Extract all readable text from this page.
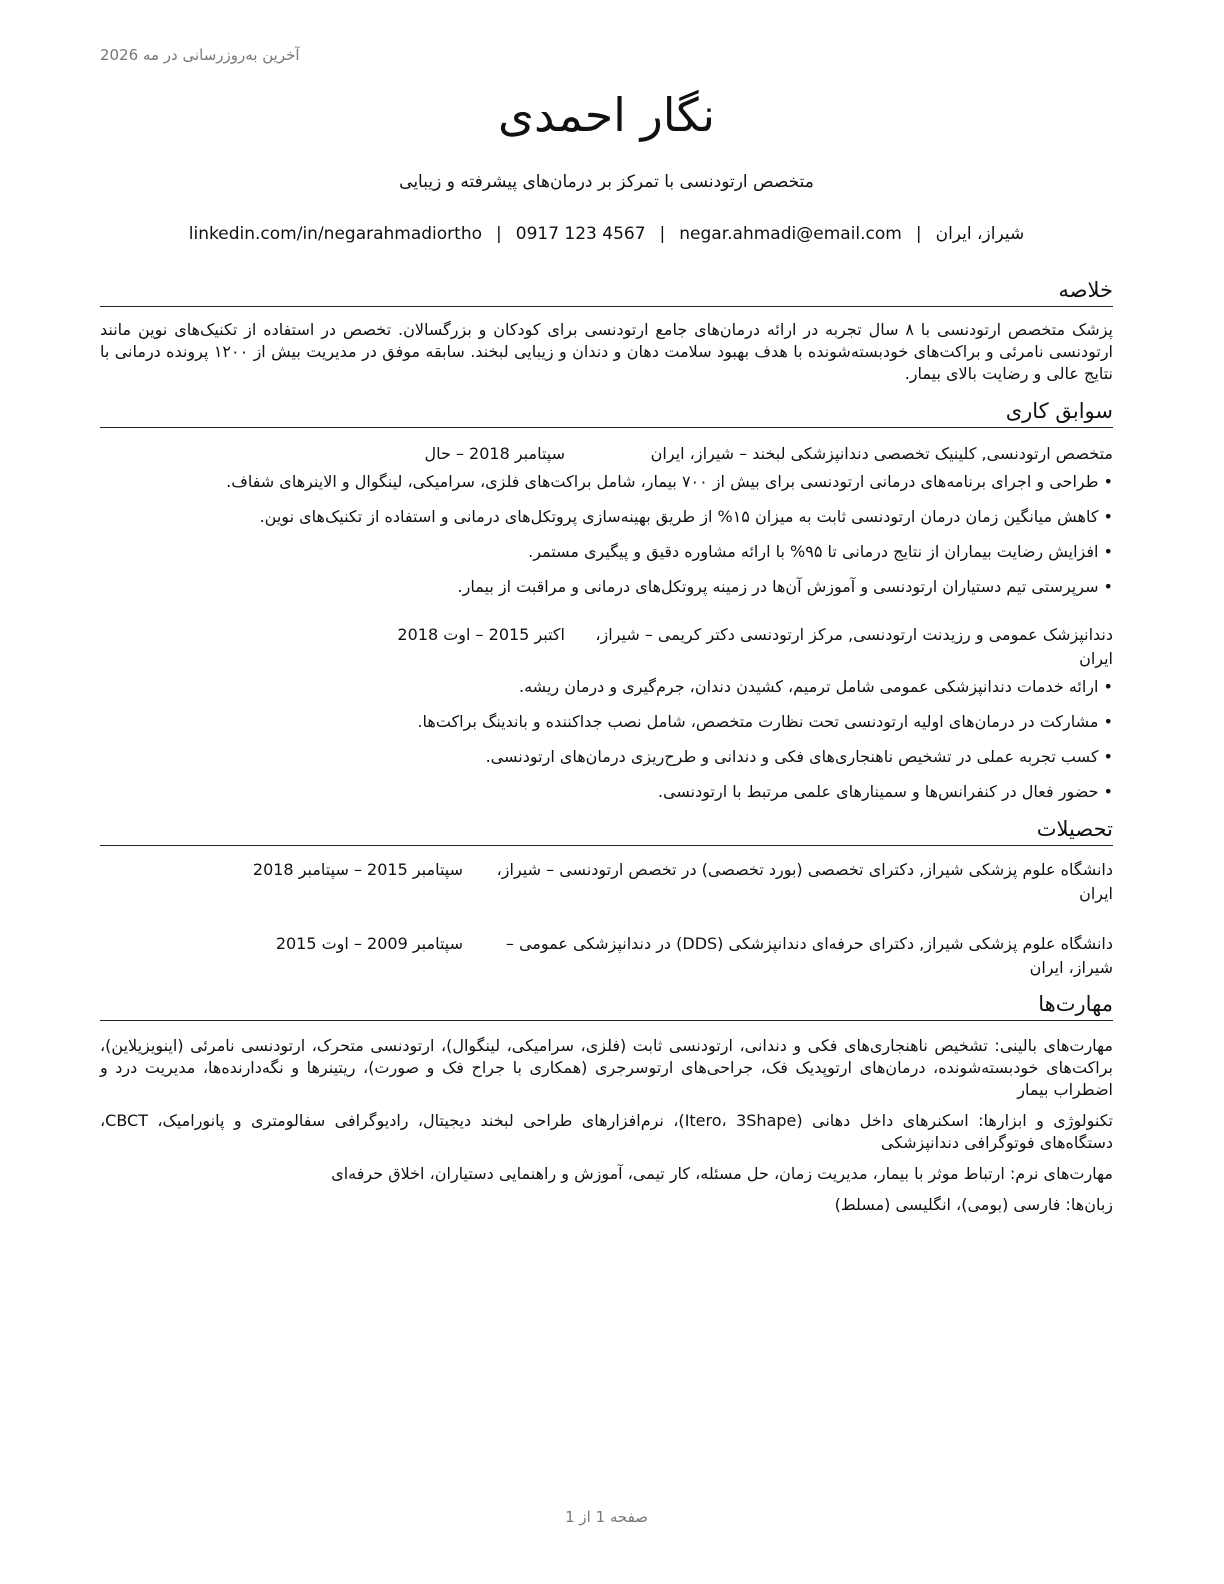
آخرین به‌روزرسانی در مه 2026
نگار احمدی
متخصص ارتودنسی با تمرکز بر درمان‌های پیشرفته و زیبایی
شیراز، ایران|negar.ahmadi@email.com|0917 123 4567|linkedin.com/in/negarahmadiortho
خلاصه

پزشک متخصص ارتودنسی با ۸ سال تجربه در ارائه درمان‌های جامع ارتودنسی برای کودکان و بزرگسالان. تخصص در استفاده از تکنیک‌های نوین مانند ارتودنسی نامرئی و براکت‌های خودبسته‌شونده با هدف بهبود سلامت دهان و دندان و زیبایی لبخند. سابقه موفق در مدیریت بیش از ۱۲۰۰ پرونده درمانی با نتایج عالی و رضایت بالای بیمار.

سوابق کاری
متخصص ارتودنسی, کلینیک تخصصی دندانپزشکی لبخند – شیراز، ایران
سپتامبر 2018 – حال
• طراحی و اجرای برنامه‌های درمانی ارتودنسی برای بیش از ۷۰۰ بیمار، شامل براکت‌های فلزی، سرامیکی، لینگوال و الاینرهای شفاف.
• کاهش میانگین زمان درمان ارتودنسی ثابت به میزان ۱۵% از طریق بهینه‌سازی پروتکل‌های درمانی و استفاده از تکنیک‌های نوین.
• افزایش رضایت بیماران از نتایج درمانی تا ۹۵% با ارائه مشاوره دقیق و پیگیری مستمر.
• سرپرستی تیم دستیاران ارتودنسی و آموزش آن‌ها در زمینه پروتکل‌های درمانی و مراقبت از بیمار.
دندانپزشک عمومی و رزیدنت ارتودنسی, مرکز ارتودنسی دکتر کریمی – شیراز، ایران
اکتبر 2015 – اوت 2018
• ارائه خدمات دندانپزشکی عمومی شامل ترمیم، کشیدن دندان، جرم‌گیری و درمان ریشه.
• مشارکت در درمان‌های اولیه ارتودنسی تحت نظارت متخصص، شامل نصب جداکننده و باندینگ براکت‌ها.
• کسب تجربه عملی در تشخیص ناهنجاری‌های فکی و دندانی و طرح‌ریزی درمان‌های ارتودنسی.
• حضور فعال در کنفرانس‌ها و سمینارهای علمی مرتبط با ارتودنسی.
تحصیلات
دانشگاه علوم پزشکی شیراز, دکترای تخصصی (بورد تخصصی) در تخصص ارتودنسی – شیراز، ایران
سپتامبر 2015 – سپتامبر 2018
دانشگاه علوم پزشکی شیراز, دکترای حرفه‌ای دندانپزشکی (DDS) در دندانپزشکی عمومی – شیراز، ایران
سپتامبر 2009 – اوت 2015
مهارت‌ها

مهارت‌های بالینی: تشخیص ناهنجاری‌های فکی و دندانی، ارتودنسی ثابت (فلزی، سرامیکی، لینگوال)، ارتودنسی متحرک، ارتودنسی نامرئی (اینویزیلاین)، براکت‌های خودبسته‌شونده، درمان‌های ارتوپدیک فک، جراحی‌های ارتوسرجری (همکاری با جراح فک و صورت)، ریتینرها و نگه‌دارنده‌ها، مدیریت درد و اضطراب بیمار

تکنولوژی و ابزارها: اسکنرهای داخل دهانی (Itero، 3Shape)، نرم‌افزارهای طراحی لبخند دیجیتال، رادیوگرافی سفالومتری و پانورامیک، CBCT، دستگاه‌های فوتوگرافی دندانپزشکی

مهارت‌های نرم: ارتباط موثر با بیمار، مدیریت زمان، حل مسئله، کار تیمی، آموزش و راهنمایی دستیاران، اخلاق حرفه‌ای

زبان‌ها: فارسی (بومی)، انگلیسی (مسلط)

صفحه 1 از 1
